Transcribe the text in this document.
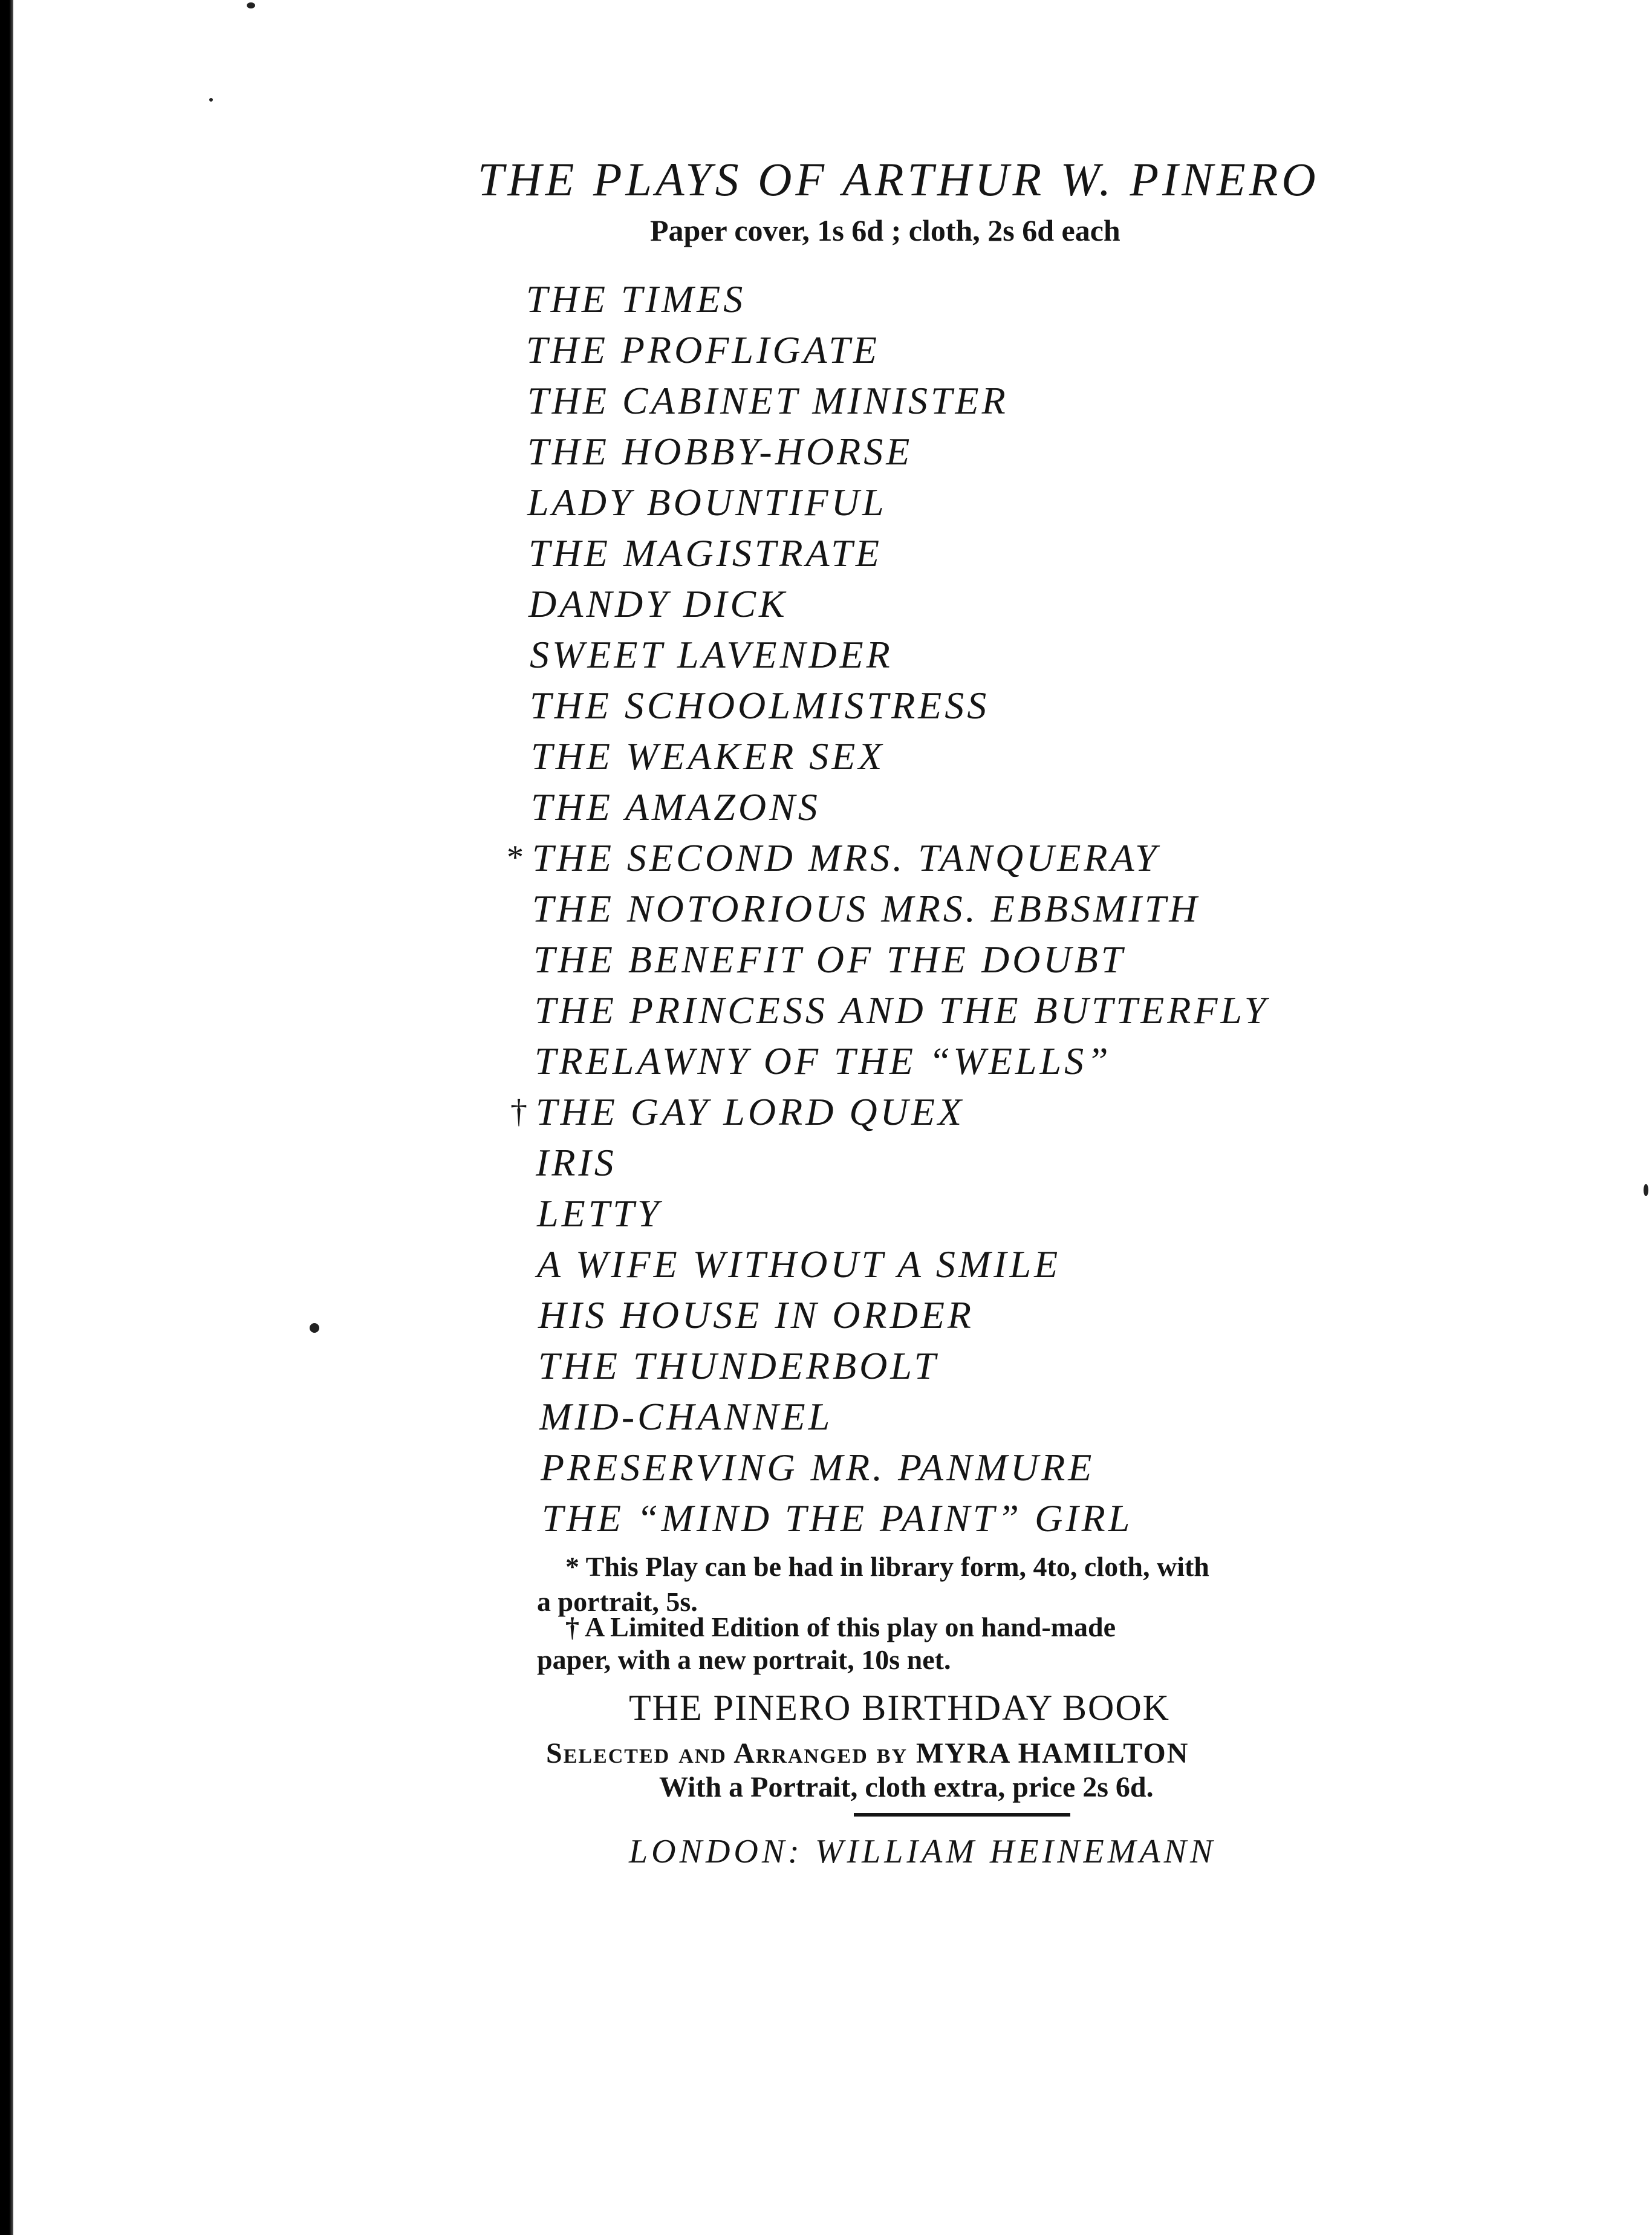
THE PLAYS OF ARTHUR W. PINERO
Paper cover, 1s 6d ; cloth, 2s 6d each
THE TIMES
THE PROFLIGATE
THE CABINET MINISTER
THE HOBBY-HORSE
LADY BOUNTIFUL
THE MAGISTRATE
DANDY DICK
SWEET LAVENDER
THE SCHOOLMISTRESS
THE WEAKER SEX
THE AMAZONS
* THE SECOND MRS. TANQUERAY
THE NOTORIOUS MRS. EBBSMITH
THE BENEFIT OF THE DOUBT
THE PRINCESS AND THE BUTTERFLY
TRELAWNY OF THE “WELLS”
† THE GAY LORD QUEX
IRIS
LETTY
A WIFE WITHOUT A SMILE
HIS HOUSE IN ORDER
THE THUNDERBOLT
MID-CHANNEL
PRESERVING MR. PANMURE
THE “MIND THE PAINT” GIRL
* This Play can be had in library form, 4to, cloth, with
a portrait, 5s.
† A Limited Edition of this play on hand-made
paper, with a new portrait, 10s net.
THE PINERO BIRTHDAY BOOK
Selected and Arranged by MYRA HAMILTON
With a Portrait, cloth extra, price 2s 6d.
LONDON: WILLIAM HEINEMANN
